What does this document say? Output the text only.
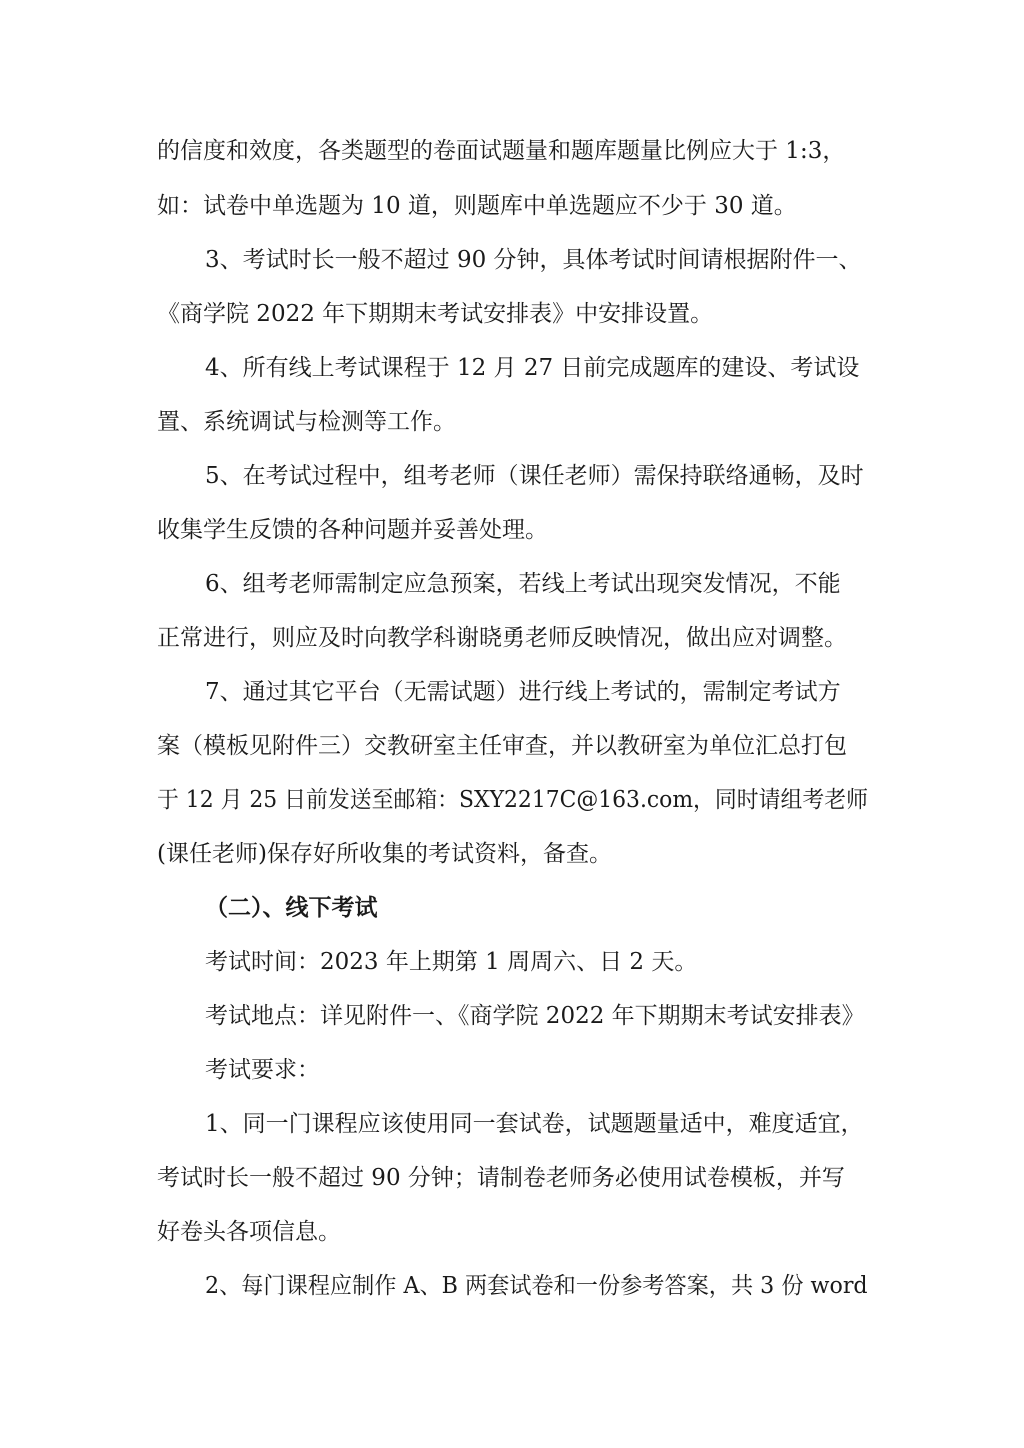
的信度和效度，各类题型的卷面试题量和题库题量比例应大于 1:3，
如：试卷中单选题为 10 道，则题库中单选题应不少于 30 道。
3、考试时长一般不超过 90 分钟，具体考试时间请根据附件一、
《商学院 2022 年下期期末考试安排表》中安排设置。
4、所有线上考试课程于 12 月 27 日前完成题库的建设、考试设
置、系统调试与检测等工作。
5、在考试过程中，组考老师（课任老师）需保持联络通畅，及时
收集学生反馈的各种问题并妥善处理。
6、组考老师需制定应急预案，若线上考试出现突发情况，不能
正常进行，则应及时向教学科谢晓勇老师反映情况，做出应对调整。
7、通过其它平台（无需试题）进行线上考试的，需制定考试方
案（模板见附件三）交教研室主任审查，并以教研室为单位汇总打包
于 12 月 25 日前发送至邮箱：SXY2217C@163.com，同时请组考老师
(课任老师)保存好所收集的考试资料，备查。
（二）、线下考试
考试时间：2023 年上期第 1 周周六、日 2 天。
考试地点：详见附件一、《商学院 2022 年下期期末考试安排表》
考试要求：
1、同一门课程应该使用同一套试卷，试题题量适中，难度适宜，
考试时长一般不超过 90 分钟；请制卷老师务必使用试卷模板，并写
好卷头各项信息。
2、每门课程应制作 A、B 两套试卷和一份参考答案，共 3 份 word
